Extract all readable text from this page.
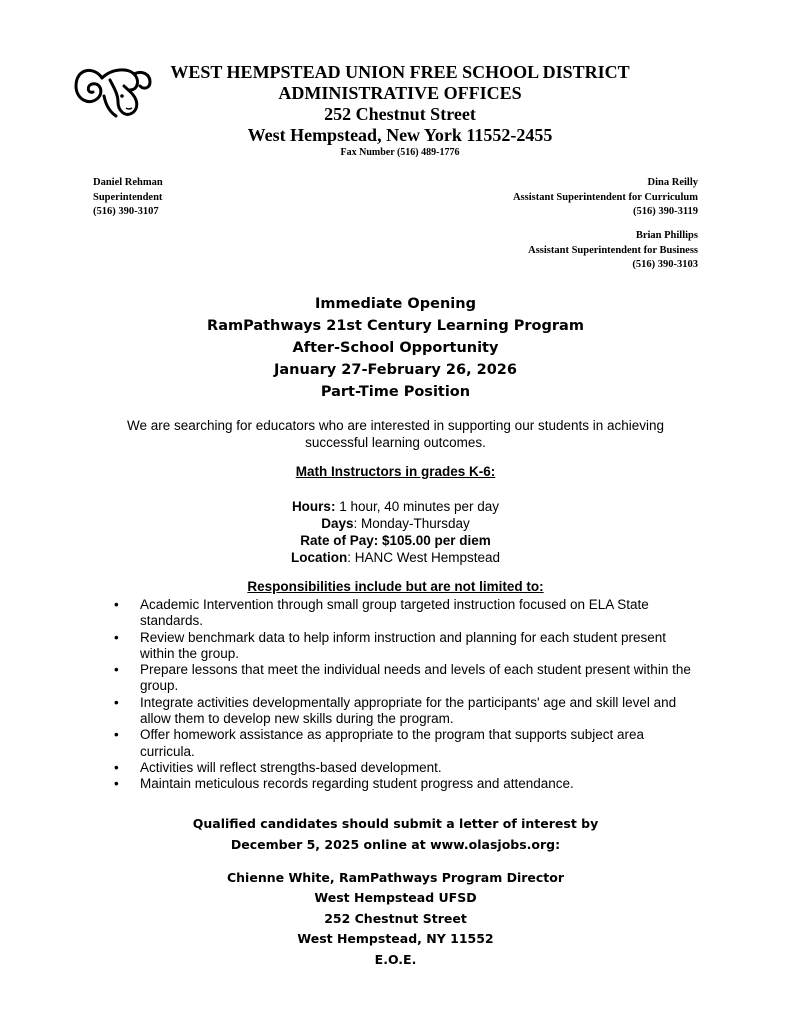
WEST HEMPSTEAD UNION FREE SCHOOL DISTRICT
ADMINISTRATIVE OFFICES
252 Chestnut Street
West Hempstead, New York 11552-2455
Fax Number (516) 489-1776
Daniel Rehman
Superintendent
(516) 390-3107
Dina Reilly
Assistant Superintendent for Curriculum
(516) 390-3119
Brian Phillips
Assistant Superintendent for Business
(516) 390-3103
Immediate Opening
RamPathways 21st Century Learning Program
After-School Opportunity
January 27-February 26, 2026
Part-Time Position
We are searching for educators who are interested in supporting our students in achieving successful learning outcomes.
Math Instructors in grades K-6:
Hours: 1 hour, 40 minutes per day
Days: Monday-Thursday
Rate of Pay: $105.00 per diem
Location: HANC West Hempstead
Responsibilities include but are not limited to:
• Academic Intervention through small group targeted instruction focused on ELA State standards.
• Review benchmark data to help inform instruction and planning for each student present within the group.
• Prepare lessons that meet the individual needs and levels of each student present within the group.
• Integrate activities developmentally appropriate for the participants' age and skill level and allow them to develop new skills during the program.
• Offer homework assistance as appropriate to the program that supports subject area curricula.
• Activities will reflect strengths-based development.
• Maintain meticulous records regarding student progress and attendance.
Qualified candidates should submit a letter of interest by
December 5, 2025 online at www.olasjobs.org:
Chienne White, RamPathways Program Director
West Hempstead UFSD
252 Chestnut Street
West Hempstead, NY 11552
E.O.E.
